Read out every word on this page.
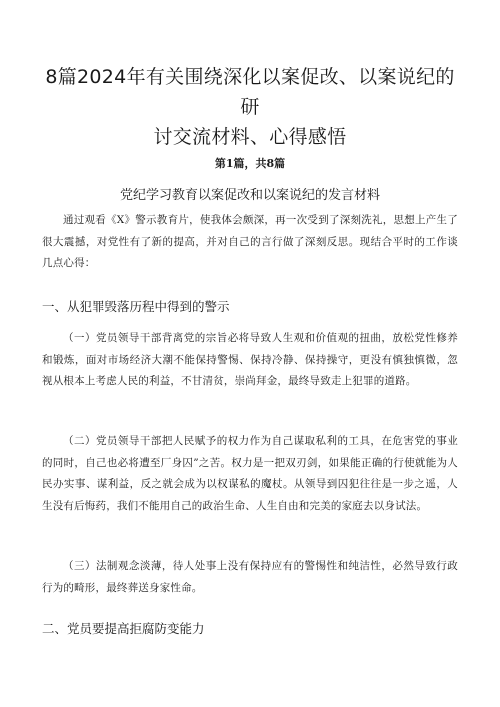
8篇2024年有关围绕深化以案促改、以案说纪的研
讨交流材料、心得感悟
第1篇，共8篇
党纪学习教育以案促改和以案说纪的发言材料

通过观看《X》警示教育片，使我体会颇深，再一次受到了深刻洗礼，思想上产生了很大震撼，对党性有了新的提高，并对自己的言行做了深刻反思。现结合平时的工作谈几点心得：

一、从犯罪毁落历程中得到的警示

（一）党员领导干部背离党的宗旨必将导致人生观和价值观的扭曲，放松党性修养和锻炼，面对市场经济大潮不能保持警惕、保持冷静、保持操守，更没有慎独慎微，忽视从根本上考虑人民的利益，不甘清贫，崇尚拜金，最终导致走上犯罪的道路。

（二）党员领导干部把人民赋予的权力作为自己谋取私利的工具，在危害党的事业的同时，自己也必将遭至厂身囚”之苦。权力是一把双刃剑，如果能正确的行使就能为人民办实事、谋利益，反之就会成为以权谋私的魔杖。从领导到囚犯往往是一步之遥，人生没有后悔药，我们不能用自己的政治生命、人生自由和完美的家庭去以身试法。

（三）法制观念淡薄，待人处事上没有保持应有的警惕性和纯洁性，必然导致行政行为的畸形，最终葬送身家性命。

二、党员要提高拒腐防变能力
